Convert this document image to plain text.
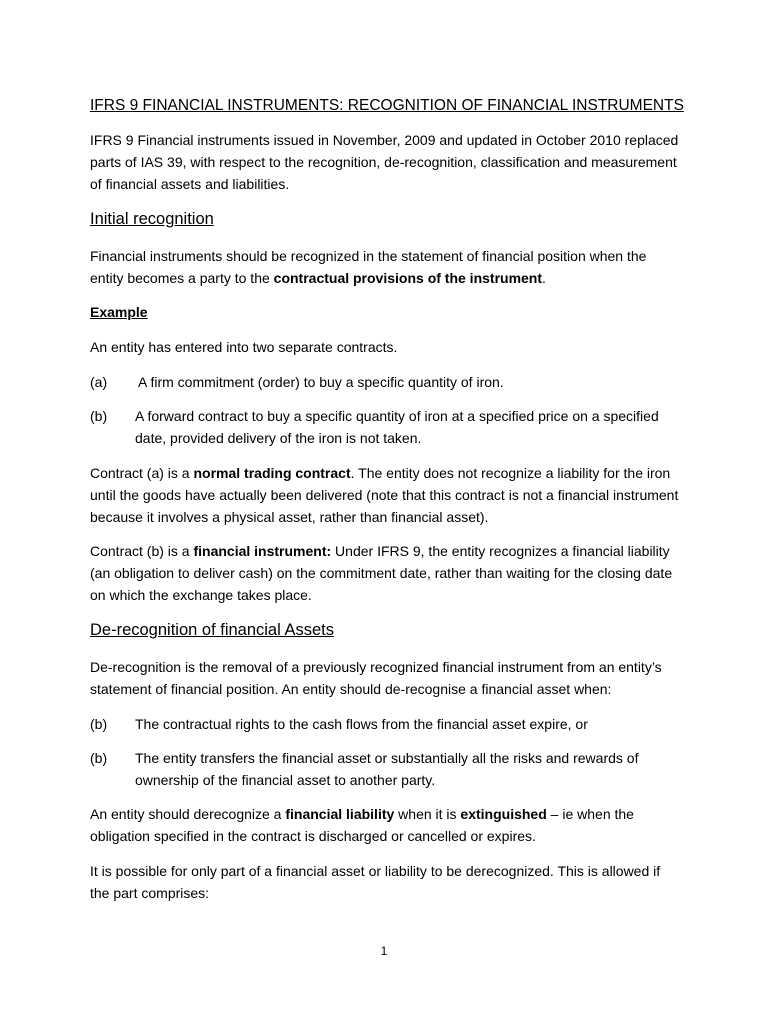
IFRS 9 FINANCIAL INSTRUMENTS: RECOGNITION OF FINANCIAL INSTRUMENTS

IFRS 9 Financial instruments issued in November, 2009 and updated in October 2010 replaced parts of IAS 39, with respect to the recognition, de-recognition, classification and measurement of financial assets and liabilities.

Initial recognition

Financial instruments should be recognized in the statement of financial position when the entity becomes a party to the contractual provisions of the instrument.

Example

An entity has entered into two separate contracts.

(a) A firm commitment (order) to buy a specific quantity of iron.
(b) A forward contract to buy a specific quantity of iron at a specified price on a specified date, provided delivery of the iron is not taken.

Contract (a) is a normal trading contract. The entity does not recognize a liability for the iron until the goods have actually been delivered (note that this contract is not a financial instrument because it involves a physical asset, rather than financial asset).

Contract (b) is a financial instrument: Under IFRS 9, the entity recognizes a financial liability (an obligation to deliver cash) on the commitment date, rather than waiting for the closing date on which the exchange takes place.

De-recognition of financial Assets

De-recognition is the removal of a previously recognized financial instrument from an entity’s statement of financial position. An entity should de-recognise a financial asset when:

(b) The contractual rights to the cash flows from the financial asset expire, or
(b) The entity transfers the financial asset or substantially all the risks and rewards of ownership of the financial asset to another party.

An entity should derecognize a financial liability when it is extinguished – ie when the obligation specified in the contract is discharged or cancelled or expires.

It is possible for only part of a financial asset or liability to be derecognized. This is allowed if the part comprises:

1
